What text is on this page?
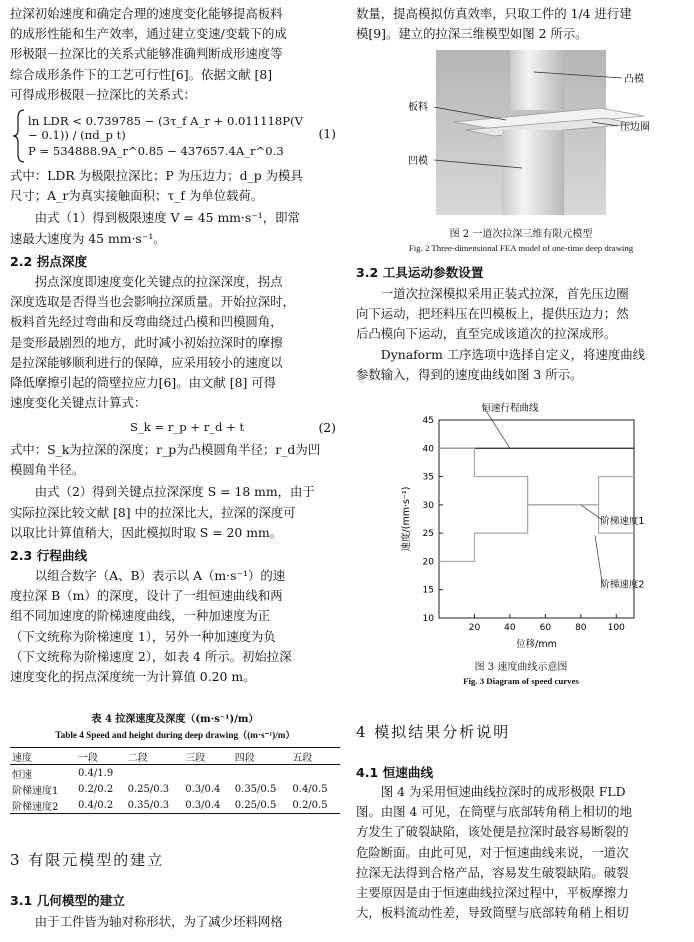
拉深初始速度和确定合理的速度变化能够提高板料

的成形性能和生产效率，通过建立变速/变载下的成

形极限－拉深比的关系式能够准确判断成形速度等

综合成形条件下的工艺可行性[6]。依据文献 [8]

可得成形极限－拉深比的关系式：

ln LDR < 0.739785 − (3τ_f A_r + 0.011118P(V − 0.1)) / (πd_p t)
P = 534888.9A_r^0.85 − 437657.4A_r^0.3
(1)

式中：LDR 为极限拉深比；P 为压边力；d_p 为模具

尺寸；A_r为真实接触面积；τ_f 为单位载荷。

由式（1）得到极限速度 V = 45 mm·s⁻¹，即常

速最大速度为 45 mm·s⁻¹。

2.2 拐点深度

拐点深度即速度变化关键点的拉深深度，拐点

深度选取是否得当也会影响拉深质量。开始拉深时，

板料首先经过弯曲和反弯曲绕过凸模和凹模圆角，

是变形最剧烈的地方，此时减小初始拉深时的摩擦

是拉深能够顺利进行的保障，应采用较小的速度以

降低摩擦引起的筒壁拉应力[6]。由文献 [8] 可得

速度变化关键点计算式：

S_k = r_p + r_d + t	(2)

式中：S_k为拉深的深度；r_p为凸模圆角半径；r_d为凹

模圆角半径。

由式（2）得到关键点拉深深度 S = 18 mm，由于

实际拉深比较文献 [8] 中的拉深比大，拉深的深度可

以取比计算值稍大，因此模拟时取 S = 20 mm。

2.3 行程曲线

以组合数字（A、B）表示以 A（m·s⁻¹）的速

度拉深 B（m）的深度，设计了一组恒速曲线和两

组不同加速度的阶梯速度曲线，一种加速度为正

（下文统称为阶梯速度 1），另外一种加速度为负

（下文统称为阶梯速度 2），如表 4 所示。初始拉深

速度变化的拐点深度统一为计算值 0.20 m。

表 4 拉深速度及深度（(m·s⁻¹)/m）
Table 4 Speed and height during deep drawing（(m·s⁻¹)/m）
速度	一段	二段	三段	四段	五段
恒速	0.4/1.9				
阶梯速度1	0.2/0.2	0.25/0.3	0.3/0.4	0.35/0.5	0.4/0.5
阶梯速度2	0.4/0.2	0.35/0.3	0.3/0.4	0.25/0.5	0.2/0.5
3 有限元模型的建立
3.1 几何模型的建立

由于工件皆为轴对称形状，为了减少坯料网格

数量，提高模拟仿真效率，只取工件的 1/4 进行建

模[9]。建立的拉深三维模型如图 2 所示。

凸模
板料
压边圈
凹模
图 2 一道次拉深三维有限元模型
Fig. 2 Three-dimensional FEA model of one-time deep drawing
3.2 工具运动参数设置

一道次拉深模拟采用正装式拉深，首先压边圈

向下运动，把坯料压在凹模板上，提供压边力；然

后凸模向下运动，直至完成该道次的拉深成形。

Dynaform 工序选项中选择自定义，将速度曲线

参数输入，得到的速度曲线如图 3 所示。

10
15
20
25
30
35
40
45
20	40	60	80 100
位移/mm
速度/(mm·s⁻¹)
恒速行程曲线
阶梯速度1
阶梯速度2
图 3 速度曲线示意图
Fig. 3 Diagram of speed curves
4 模拟结果分析说明
4.1 恒速曲线

图 4 为采用恒速曲线拉深时的成形极限 FLD

图。由图 4 可见，在筒壁与底部转角稍上相切的地

方发生了破裂缺陷，该处便是拉深时最容易断裂的

危险断面。由此可见，对于恒速曲线来说，一道次

拉深无法得到合格产品，容易发生破裂缺陷。破裂

主要原因是由于恒速曲线拉深过程中，平板摩擦力

大，板料流动性差，导致筒壁与底部转角稍上相切
